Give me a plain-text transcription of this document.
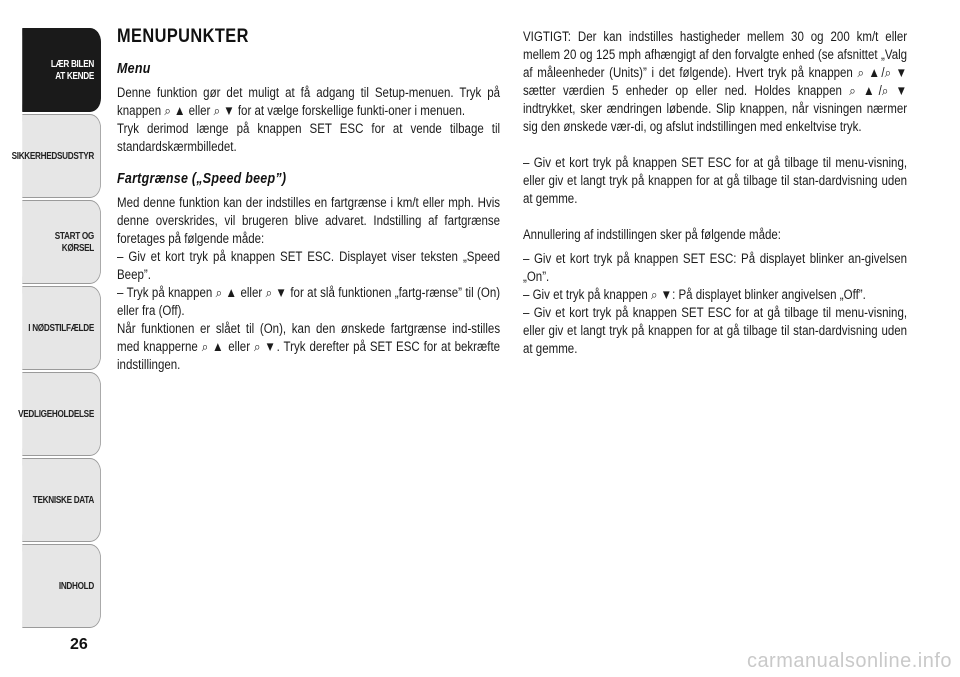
LÆR BILEN
AT KENDE
SIKKERHEDSUDSTYR
START OG KØRSEL
I NØDSTILFÆLDE
VEDLIGEHOLDELSE
TEKNISKE DATA
INDHOLD
26
MENUPUNKTER
Menu

Denne funktion gør det muligt at få adgang til Setup-menuen. Tryk på knappen ⌕ ▲ eller ⌕ ▼ for at vælge forskellige funkti-oner i menuen.

Tryk derimod længe på knappen SET ESC for at vende tilbage til standardskærmbilledet.

Fartgrænse („Speed beep”)

Med denne funktion kan der indstilles en fartgrænse i km/t eller mph. Hvis denne overskrides, vil brugeren blive advaret. Indstilling af fartgrænse foretages på følgende måde:

– Giv et kort tryk på knappen SET ESC. Displayet viser teksten „Speed Beep”.

– Tryk på knappen ⌕ ▲ eller ⌕ ▼ for at slå funktionen „fartg-rænse” til (On) eller fra (Off).

Når funktionen er slået til (On), kan den ønskede fartgrænse ind-stilles med knapperne ⌕ ▲ eller ⌕ ▼. Tryk derefter på SET ESC for at bekræfte indstillingen.

VIGTIGT: Der kan indstilles hastigheder mellem 30 og 200 km/t eller mellem 20 og 125 mph afhængigt af den forvalgte enhed (se afsnittet „Valg af måleenheder (Units)” i det følgende). Hvert tryk på knappen ⌕ ▲/⌕ ▼ sætter værdien 5 enheder op eller ned. Holdes knappen ⌕ ▲/⌕ ▼ indtrykket, sker ændringen løbende. Slip knappen, når visningen nærmer sig den ønskede vær-di, og afslut indstillingen med enkeltvise tryk.

– Giv et kort tryk på knappen SET ESC for at gå tilbage til menu-visning, eller giv et langt tryk på knappen for at gå tilbage til stan-dardvisning uden at gemme.

Annullering af indstillingen sker på følgende måde:

– Giv et kort tryk på knappen SET ESC: På displayet blinker an-givelsen „On”.

– Giv et tryk på knappen ⌕ ▼: På displayet blinker angivelsen „Off”.

– Giv et kort tryk på knappen SET ESC for at gå tilbage til menu-visning, eller giv et langt tryk på knappen for at gå tilbage til stan-dardvisning uden at gemme.

carmanualsonline.info
